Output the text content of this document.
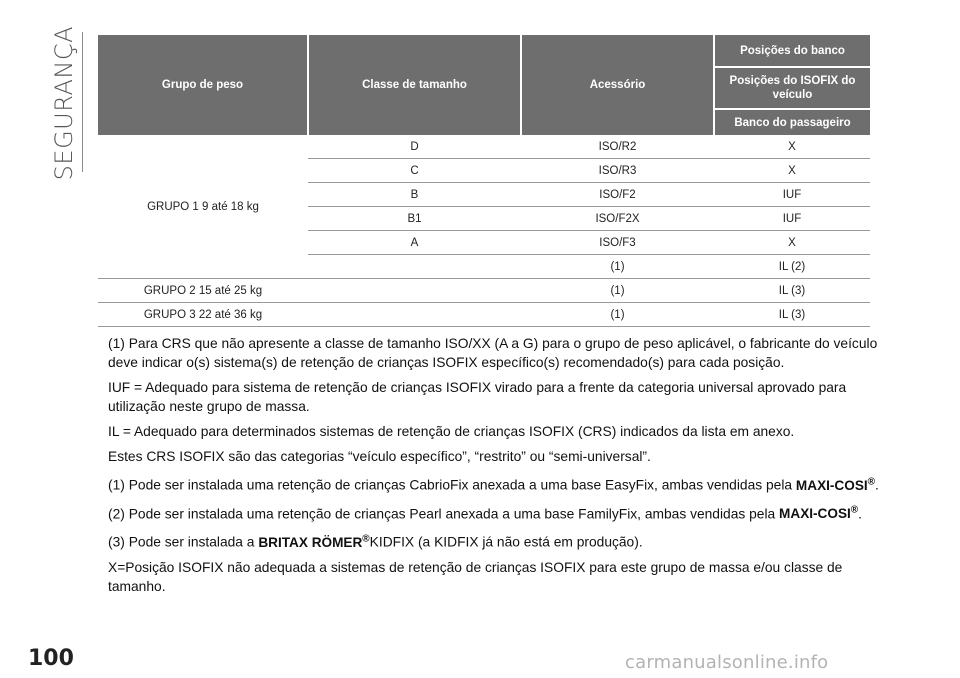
SEGURANÇA	Grupo de peso	Classe de tamanho	Acessório	Posições do banco
			Posições do ISOFIX do veículo
			Banco do passageiro
GRUPO 1 9 até 18 kg	D	ISO/R2	X
	C	ISO/R3	X
	B	ISO/F2	IUF
	B1	ISO/F2X	IUF
	A	ISO/F3	X
		(1)	IL (2)
GRUPO 2 15 até 25 kg		(1)	IL (3)
GRUPO 3 22 até 36 kg		(1)	IL (3)

(1) Para CRS que não apresente a classe de tamanho ISO/XX (A a G) para o grupo de peso aplicável, o fabricante do veículo deve indicar o(s) sistema(s) de retenção de crianças ISOFIX específico(s) recomendado(s) para cada posição.

IUF = Adequado para sistema de retenção de crianças ISOFIX virado para a frente da categoria universal aprovado para utilização neste grupo de massa.

IL = Adequado para determinados sistemas de retenção de crianças ISOFIX (CRS) indicados da lista em anexo.

Estes CRS ISOFIX são das categorias “veículo específico”, “restrito” ou “semi-universal”.

(1) Pode ser instalada uma retenção de crianças CabrioFix anexada a uma base EasyFix, ambas vendidas pela MAXI-COSI®.

(2) Pode ser instalada uma retenção de crianças Pearl anexada a uma base FamilyFix, ambas vendidas pela MAXI-COSI®.

(3) Pode ser instalada a BRITAX RÖMER®KIDFIX (a KIDFIX já não está em produção).

X=Posição ISOFIX não adequada a sistemas de retenção de crianças ISOFIX para este grupo de massa e/ou classe de tamanho.

100	carmanualsonline.info
